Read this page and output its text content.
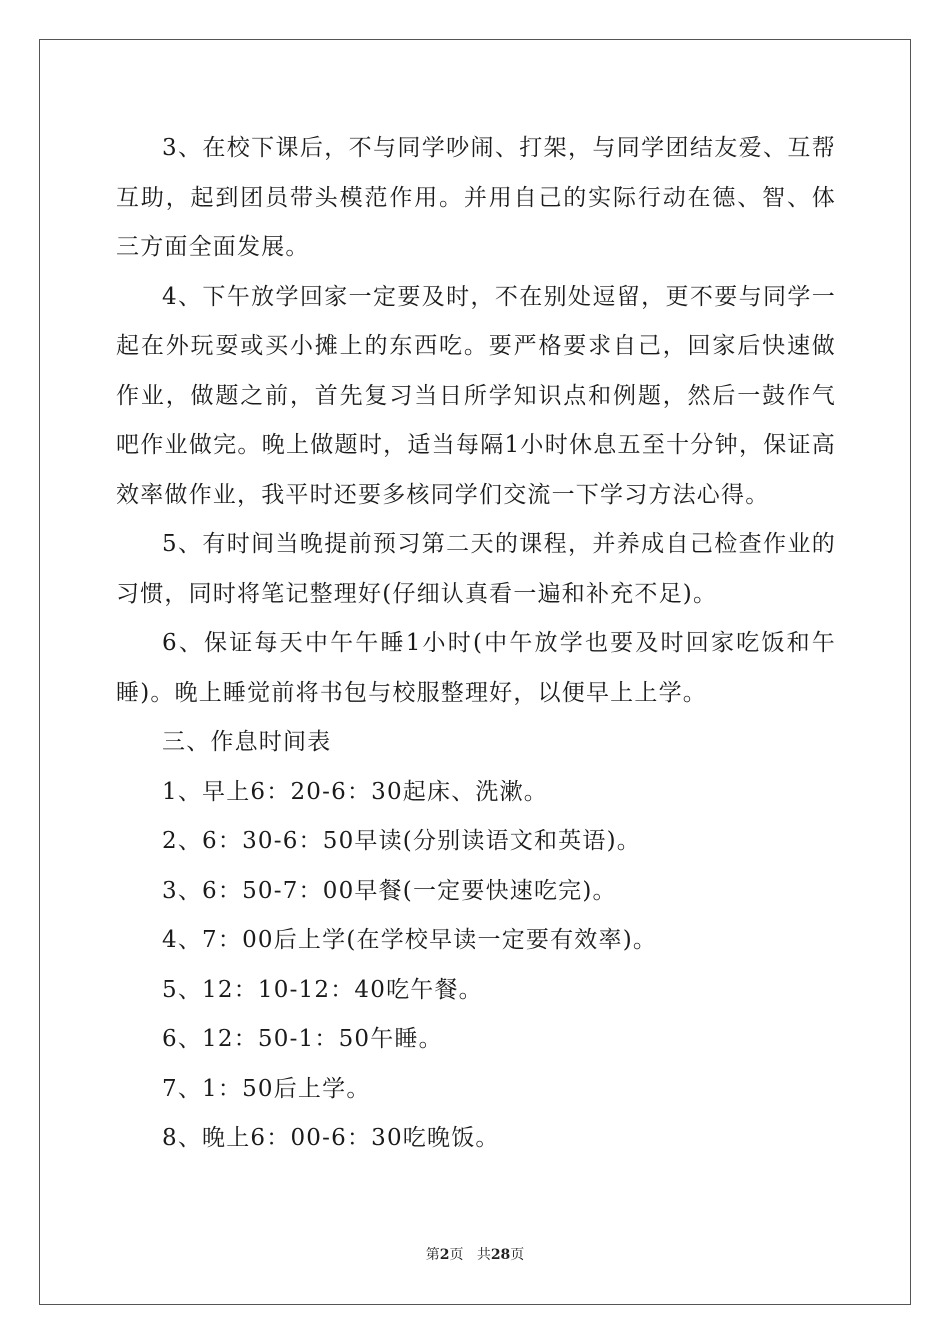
3、在校下课后，不与同学吵闹、打架，与同学团结友爱、互帮互助，起到团员带头模范作用。并用自己的实际行动在德、智、体三方面全面发展。

4、下午放学回家一定要及时，不在别处逗留，更不要与同学一起在外玩耍或买小摊上的东西吃。要严格要求自己，回家后快速做作业，做题之前，首先复习当日所学知识点和例题，然后一鼓作气吧作业做完。晚上做题时，适当每隔1小时休息五至十分钟，保证高效率做作业，我平时还要多核同学们交流一下学习方法心得。

5、有时间当晚提前预习第二天的课程，并养成自己检查作业的习惯，同时将笔记整理好(仔细认真看一遍和补充不足)。

6、保证每天中午午睡1小时(中午放学也要及时回家吃饭和午睡)。晚上睡觉前将书包与校服整理好，以便早上上学。

三、作息时间表

1、早上6：20-6：30起床、洗漱。

2、6：30-6：50早读(分别读语文和英语)。

3、6：50-7：00早餐(一定要快速吃完)。

4、7：00后上学(在学校早读一定要有效率)。

5、12：10-12：40吃午餐。

6、12：50-1：50午睡。

7、1：50后上学。

8、晚上6：00-6：30吃晚饭。

第2页 共28页
